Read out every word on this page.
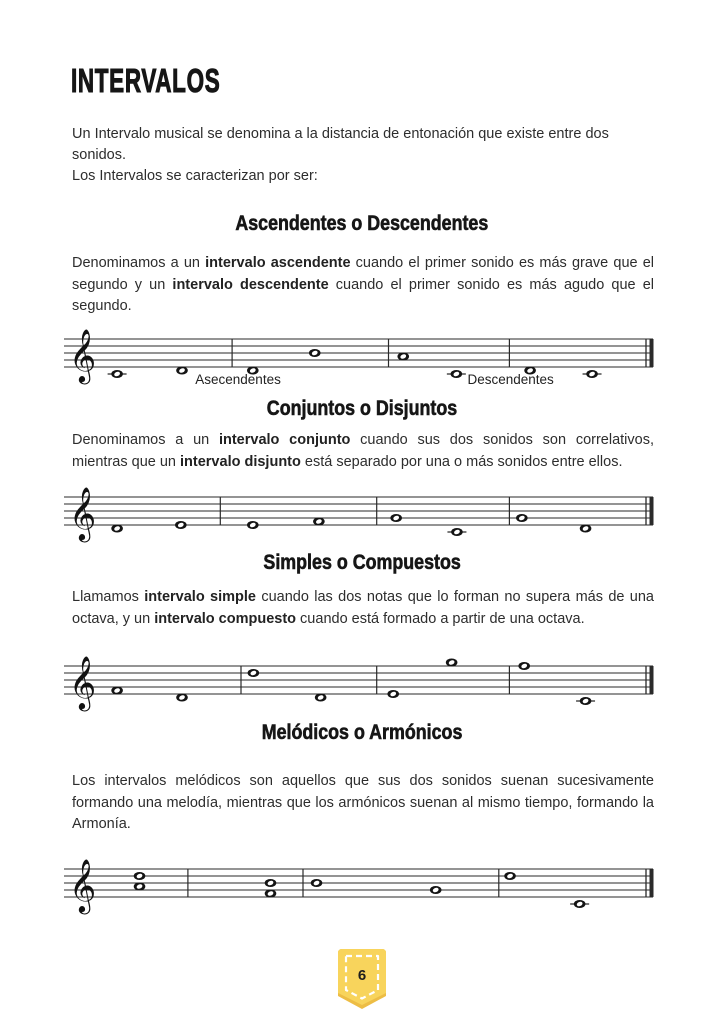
INTERVALOS

Un Intervalo musical se denomina a la distancia de entonación que existe entre dos sonidos.

Los Intervalos se caracterizan por ser:

Ascendentes o Descendentes

Denominamos a un intervalo ascendente cuando el primer sonido es más grave que el segundo y un intervalo descendente cuando el primer sonido es más agudo que el segundo.

𝄞	Asecendentes	Descendentes
Conjuntos o Disjuntos

Denominamos a un intervalo conjunto cuando sus dos sonidos son correlativos, mientras que un intervalo disjunto está separado por una o más sonidos entre ellos.

𝄞
Simples o Compuestos

Llamamos intervalo simple cuando las dos notas que lo forman no supera más de una octava, y un intervalo compuesto cuando está formado a partir de una octava.

𝄞
Melódicos o Armónicos

Los intervalos melódicos son aquellos que sus dos sonidos suenan sucesivamente formando una melodía, mientras que los armónicos suenan al mismo tiempo, formando la Armonía.

𝄞
6
